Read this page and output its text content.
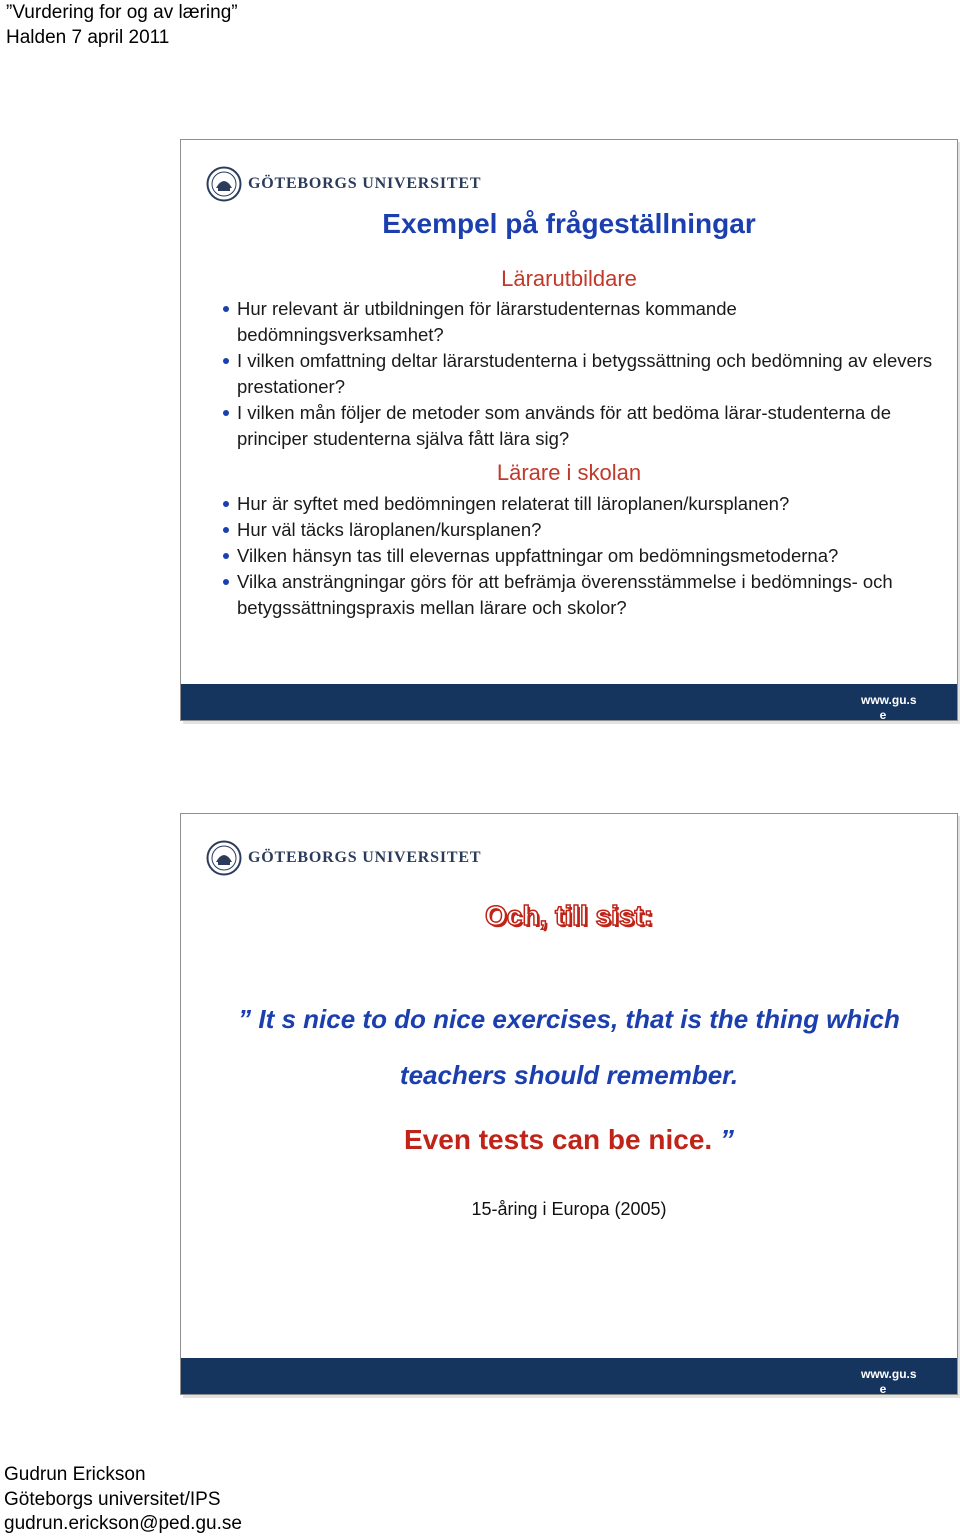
”Vurdering for og av læring”
Halden 7 april 2011
GÖTEBORGS UNIVERSITET
Exempel på frågeställningar
Lärarutbildare
Hur relevant är utbildningen för lärarstudenternas kommande bedömningsverksamhet?
I vilken omfattning deltar lärarstudenterna i betygssättning och bedömning av elevers prestationer?
I vilken mån följer de metoder som används för att bedöma lärar-studenterna de principer studenterna själva fått lära sig?
Lärare i skolan
Hur är syftet med bedömningen relaterat till läroplanen/kursplanen?
Hur väl täcks läroplanen/kursplanen?
Vilken hänsyn tas till elevernas uppfattningar om bedömningsmetoderna?
Vilka ansträngningar görs för att befrämja överensstämmelse i bedömnings- och betygssättningspraxis mellan lärare och skolor?
www.gu.s
e
GÖTEBORGS UNIVERSITET
Och, till sist:
” It s nice to do nice exercises, that is the thing which
teachers should remember.
Even tests can be nice. ”
15-åring i Europa (2005)
www.gu.s
e
Gudrun Erickson
Göteborgs universitet/IPS
gudrun.erickson@ped.gu.se
